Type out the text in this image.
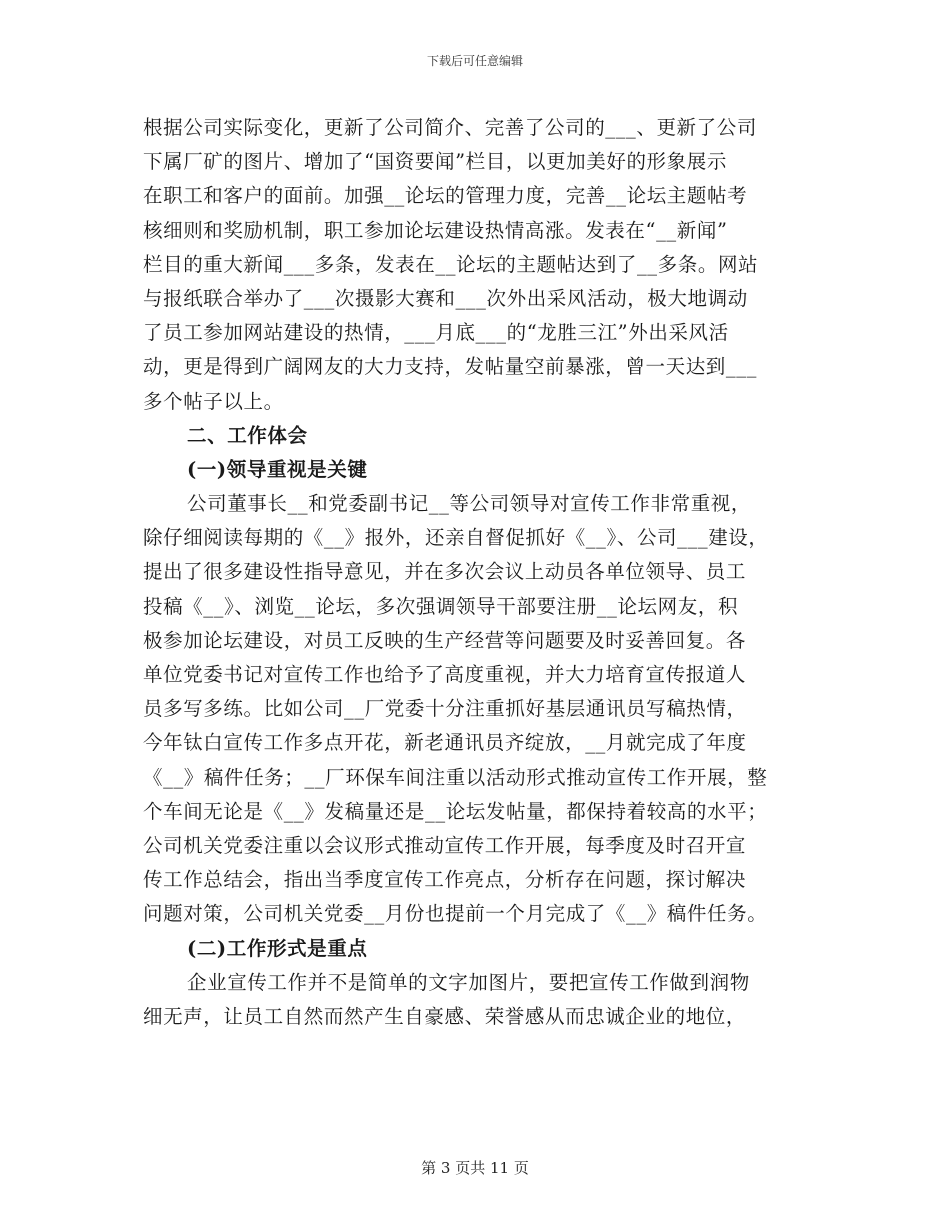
下载后可任意编辑
根据公司实际变化，更新了公司简介、完善了公司的___、更新了公司
下属厂矿的图片、增加了“国资要闻”栏目，以更加美好的形象展示
在职工和客户的面前。加强__论坛的管理力度，完善__论坛主题帖考
核细则和奖励机制，职工参加论坛建设热情高涨。发表在“__新闻”
栏目的重大新闻___多条，发表在__论坛的主题帖达到了__多条。网站
与报纸联合举办了___次摄影大赛和___次外出采风活动，极大地调动
了员工参加网站建设的热情，___月底___的“龙胜三江”外出采风活
动，更是得到广阔网友的大力支持，发帖量空前暴涨，曾一天达到___
多个帖子以上。
二、工作体会
(一)领导重视是关键
公司董事长__和党委副书记__等公司领导对宣传工作非常重视，
除仔细阅读每期的《__》报外，还亲自督促抓好《__》、公司___建设，
提出了很多建设性指导意见，并在多次会议上动员各单位领导、员工
投稿《__》、浏览__论坛，多次强调领导干部要注册__论坛网友，积
极参加论坛建设，对员工反映的生产经营等问题要及时妥善回复。各
单位党委书记对宣传工作也给予了高度重视，并大力培育宣传报道人
员多写多练。比如公司__厂党委十分注重抓好基层通讯员写稿热情，
今年钛白宣传工作多点开花，新老通讯员齐绽放，__月就完成了年度
《__》稿件任务；__厂环保车间注重以活动形式推动宣传工作开展，整
个车间无论是《__》发稿量还是__论坛发帖量，都保持着较高的水平；
公司机关党委注重以会议形式推动宣传工作开展，每季度及时召开宣
传工作总结会，指出当季度宣传工作亮点，分析存在问题，探讨解决
问题对策，公司机关党委__月份也提前一个月完成了《__》稿件任务。
(二)工作形式是重点
企业宣传工作并不是简单的文字加图片，要把宣传工作做到润物
细无声，让员工自然而然产生自豪感、荣誉感从而忠诚企业的地位，
第 3 页共 11 页
